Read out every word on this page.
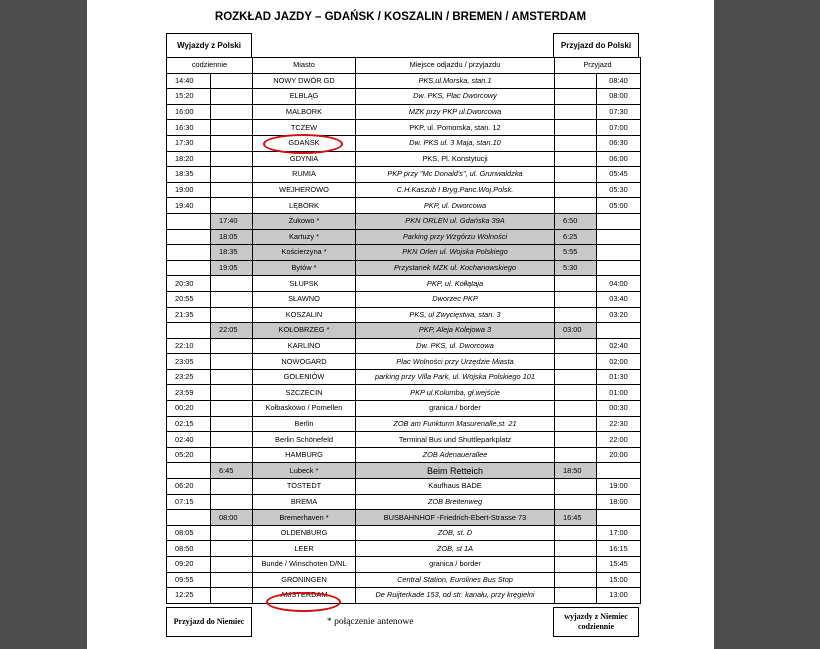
ROZKŁAD JAZDY – GDAŃSK / KOSZALIN / BREMEN / AMSTERDAM
Wyjazdy z Polski	Przyjazd do Polski
codziennie		Miasto	Miejsce odjazdu / przyjazdu	Przyjazd	
14:40		NOWY DWÓR GD	PKS,ul.Morska, stan.1		08:40
15:20		ELBLĄG	Dw. PKS, Plac Dworcowy		08:00
16:00		MALBORK	MZK przy PKP ul.Dworcowa		07:30
16:30		TCZEW	PKP, ul. Pomorska, stan. 12		07:00
17:30		GDAŃSK	Dw. PKS ul. 3 Maja, stan.10		06:30
18:20		GDYNIA	PKS, Pl. Konstytucji		06:00
18:35		RUMIA	PKP przy "Mc Donald's", ul. Grunwaldzka		05:45
19:00		WEJHEROWO	C.H.Kaszub I Bryg.Panc.Woj.Polsk.		05:30
19:40		LĘBORK	PKP, ul. Dworcowa		05:00
	17:40	Żukowo *	PKN ORLEN ul. Gdańska 39A	6:50	
	18:05	Kartuzy *	Parking przy Wzgórzu Wolności	6:25	
	18:35	Kościerzyna *	PKN Orlen ul. Wojska Polskiego	5:55	
	19:05	Bytów *	Przystanek MZK ul. Kochanowskiego	5:30	
20:30		SŁUPSK	PKP, ul. Kołłątaja		04:00
20:55		SŁAWNO	Dworzec PKP		03:40
21:35		KOSZALIN	PKS, ul Zwycięstwa, stan. 3		03:20
	22:05	KOŁOBRZEG *	PKP, Aleja Kolejowa 3	03:00	
22:10		KARLINO	Dw. PKS, ul. Dworcowa		02:40
23:05		NOWOGARD	Plac Wolności przy Urzędzie Miasta		02:00
23:25		GOLENIÓW	parking przy Villa Park, ul. Wojska Polskiego 101		01:30
23:59		SZCZECIN	PKP ul.Kolumba, gł.wejście		01:00
00:20		Kołbaskowo / Pomellen	granica / border		00:30
02:15		Berlin	ZOB am Funkturm Masurenalle,st. 21		22:30
02:40		Berlin Schönefeld	Terminal Bus und Shuttleparkplatz		22:00
05:20		HAMBURG	ZOB Adenauerallee		20:00
	6:45	Lubeck *	Beim Retteich	18:50	
06:20		TOSTEDT	Kaufhaus BADE		19:00
07:15		BREMA	ZOB Breitenweg		18:00
	08:00	Bremerhaven *	BUSBAHNHOF -Friedrich-Ebert-Strasse 73	16:45	
08:05		OLDENBURG	ZOB, st. D		17:00
08:50		LEER	ZOB, st 1A		16:15
09:20		Bunde / Winschoten D/NL	granica / border		15:45
09:55		GRONINGEN	Central Station, Eurolines Bus Stop		15:00
12:25		AMSTERDAM	De Ruijterkade 153, od str. kanału, przy kręgielni		13:00
Przyjazd do Niemiec	* połączenie antenowe
wyjazdy z Niemiec codziennie
